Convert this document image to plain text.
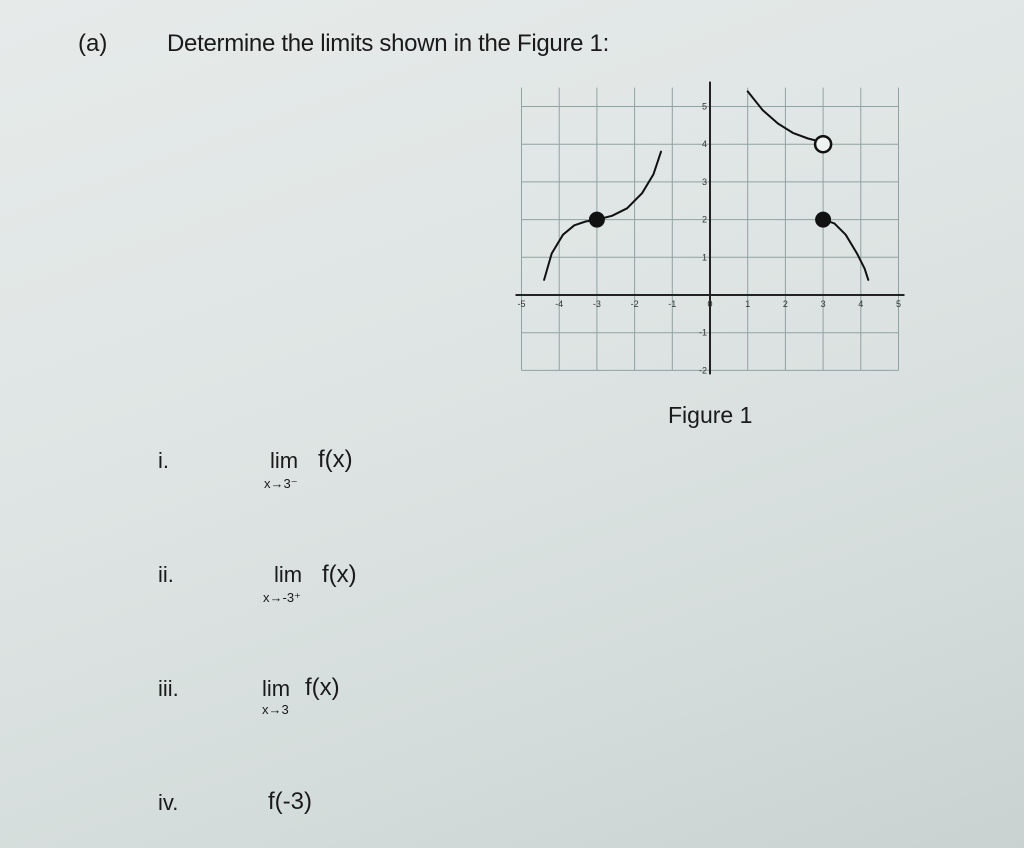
(a) Determine the limits shown in the Figure 1:
-5	-4	-3	-2	-1	0	1	2	3	4	5
5
4
3
2
1
-1
-2
Figure 1
i.	lim
x→3⁻
f(x)
ii.	lim
x→-3⁺
f(x)
iii.	lim
x→3
f(x)
iv.	f(-3)
